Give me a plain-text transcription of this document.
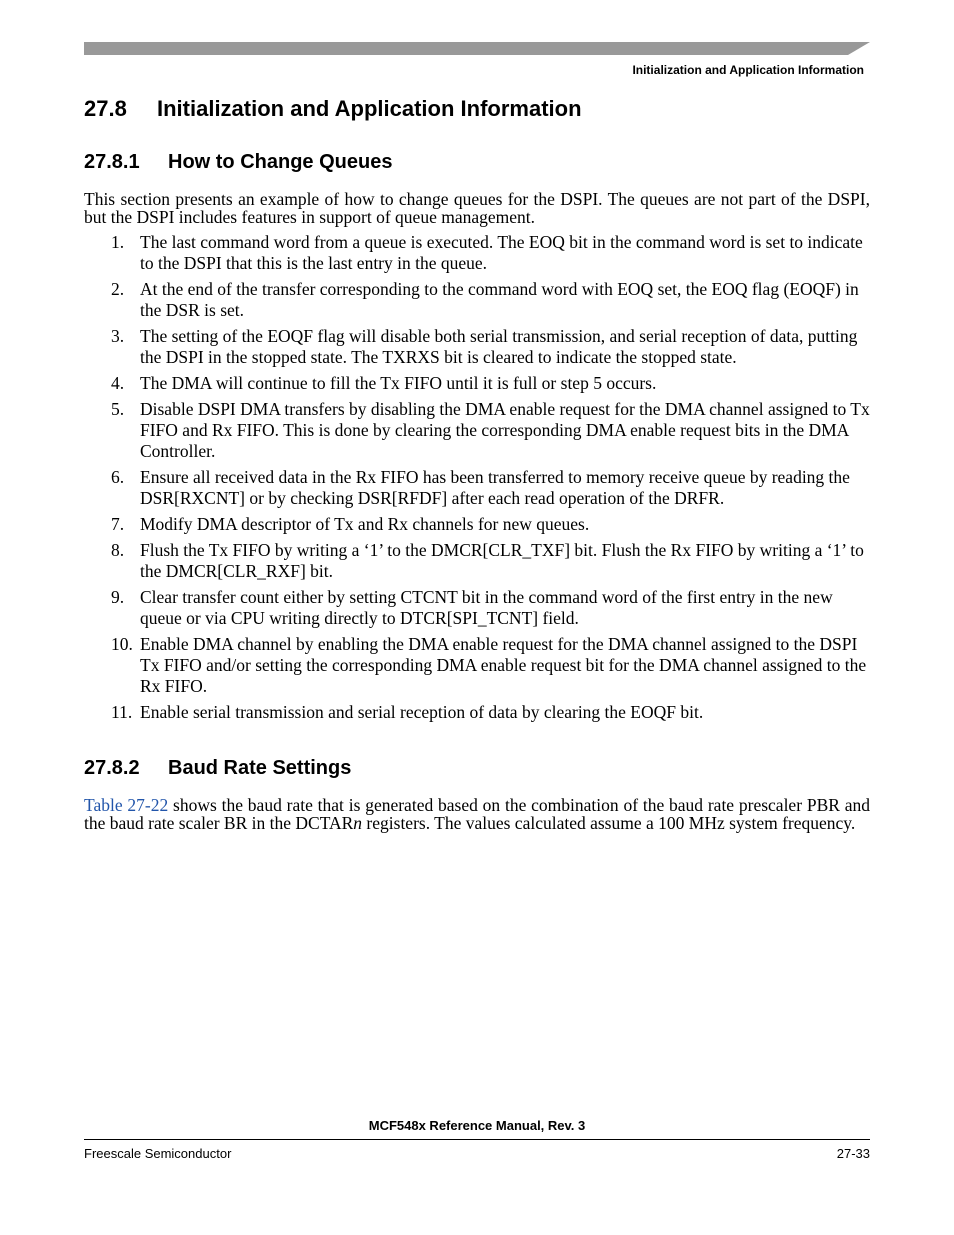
Initialization and Application Information
27.8 Initialization and Application Information
27.8.1 How to Change Queues

This section presents an example of how to change queues for the DSPI. The queues are not part of the DSPI, but the DSPI includes features in support of queue management.

1. The last command word from a queue is executed. The EOQ bit in the command word is set to indicate to the DSPI that this is the last entry in the queue.
2. At the end of the transfer corresponding to the command word with EOQ set, the EOQ flag (EOQF) in the DSR is set.
3. The setting of the EOQF flag will disable both serial transmission, and serial reception of data, putting the DSPI in the stopped state. The TXRXS bit is cleared to indicate the stopped state.
4. The DMA will continue to fill the Tx FIFO until it is full or step 5 occurs.
5. Disable DSPI DMA transfers by disabling the DMA enable request for the DMA channel assigned to Tx FIFO and Rx FIFO. This is done by clearing the corresponding DMA enable request bits in the DMA Controller.
6. Ensure all received data in the Rx FIFO has been transferred to memory receive queue by reading the DSR[RXCNT] or by checking DSR[RFDF] after each read operation of the DRFR.
7. Modify DMA descriptor of Tx and Rx channels for new queues.
8. Flush the Tx FIFO by writing a ‘1’ to the DMCR[CLR_TXF] bit. Flush the Rx FIFO by writing a ‘1’ to the DMCR[CLR_RXF] bit.
9. Clear transfer count either by setting CTCNT bit in the command word of the first entry in the new queue or via CPU writing directly to DTCR[SPI_TCNT] field.
10. Enable DMA channel by enabling the DMA enable request for the DMA channel assigned to the DSPI Tx FIFO and/or setting the corresponding DMA enable request bit for the DMA channel assigned to the Rx FIFO.
11. Enable serial transmission and serial reception of data by clearing the EOQF bit.
27.8.2 Baud Rate Settings

Table 27-22 shows the baud rate that is generated based on the combination of the baud rate prescaler PBR and the baud rate scaler BR in the DCTARn registers. The values calculated assume a 100 MHz system frequency.

MCF548x Reference Manual, Rev. 3
Freescale Semiconductor	27-33
